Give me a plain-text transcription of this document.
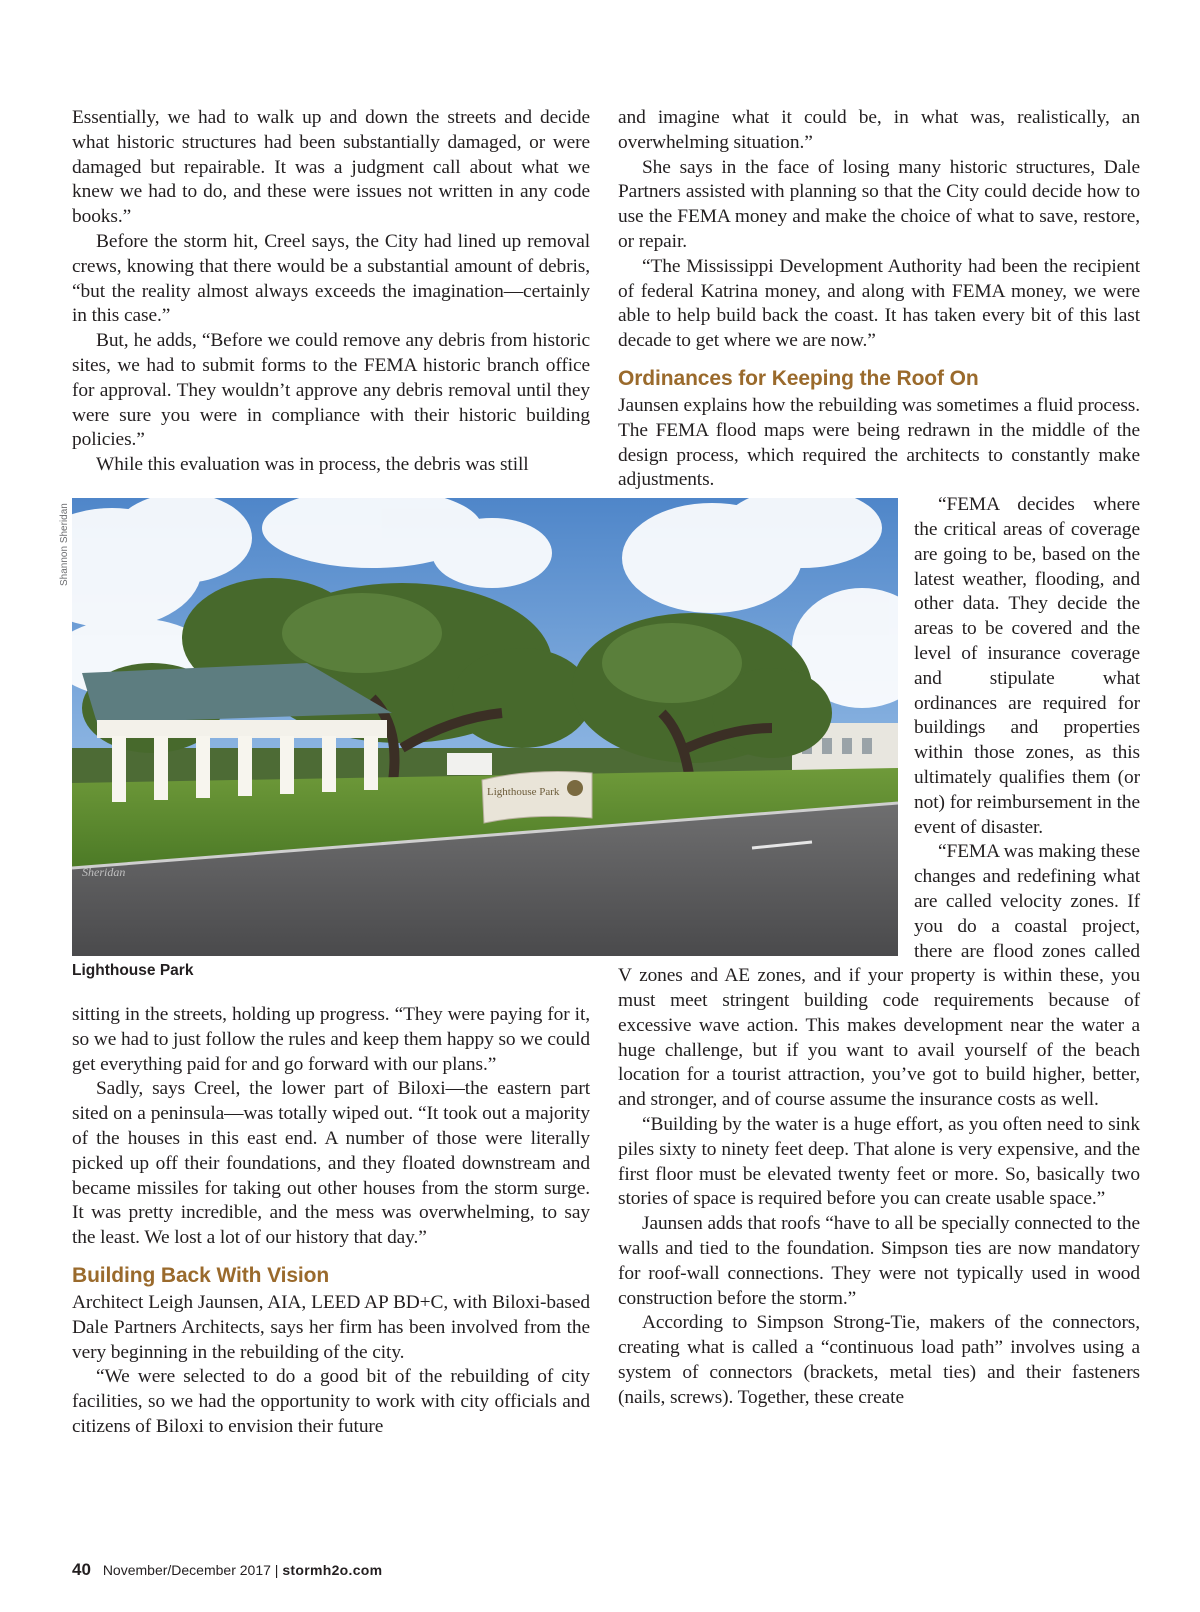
Essentially, we had to walk up and down the streets and decide what historic structures had been substantially damaged, or were damaged but repairable. It was a judgment call about what we knew we had to do, and these were issues not written in any code books.”

Before the storm hit, Creel says, the City had lined up removal crews, knowing that there would be a substantial amount of debris, “but the reality almost always exceeds the imagination—certainly in this case.”

But, he adds, “Before we could remove any debris from historic sites, we had to submit forms to the FEMA historic branch office for approval. They wouldn’t approve any debris removal until they were sure you were in compliance with their historic building policies.”

While this evaluation was in process, the debris was still

Shannon Sheridan
Lighthouse Park
Sheridan
Lighthouse Park

sitting in the streets, holding up progress. “They were paying for it, so we had to just follow the rules and keep them happy so we could get everything paid for and go forward with our plans.”

Sadly, says Creel, the lower part of Biloxi—the eastern part sited on a peninsula—was totally wiped out. “It took out a majority of the houses in this east end. A number of those were literally picked up off their foundations, and they floated downstream and became missiles for taking out other houses from the storm surge. It was pretty incredible, and the mess was overwhelming, to say the least. We lost a lot of our history that day.”

Building Back With Vision

Architect Leigh Jaunsen, AIA, LEED AP BD+C, with Biloxi-based Dale Partners Architects, says her firm has been involved from the very beginning in the rebuilding of the city.

“We were selected to do a good bit of the rebuilding of city facilities, so we had the opportunity to work with city officials and citizens of Biloxi to envision their future

and imagine what it could be, in what was, realistically, an overwhelming situation.”

She says in the face of losing many historic structures, Dale Partners assisted with planning so that the City could decide how to use the FEMA money and make the choice of what to save, restore, or repair.

“The Mississippi Development Authority had been the recipient of federal Katrina money, and along with FEMA money, we were able to help build back the coast. It has taken every bit of this last decade to get where we are now.”

Ordinances for Keeping the Roof On

Jaunsen explains how the rebuilding was sometimes a fluid process. The FEMA flood maps were being redrawn in the middle of the design process, which required the architects to constantly make adjustments.

“FEMA decides where the critical areas of coverage are going to be, based on the latest weather, flooding, and other data. They decide the areas to be covered and the level of insurance coverage and stipulate what ordinances are required for buildings and properties within those zones, as this ultimately qualifies them (or not) for reimbursement in the event of disaster.

“FEMA was making these changes and redefining what are called velocity zones. If you do a coastal project, there are flood zones called V zones and AE zones, and if your property is within these, you must meet stringent building code requirements because of excessive wave action. This makes development near the water a huge challenge, but if you want to avail yourself of the beach location for a tourist attraction, you’ve got to build higher, better, and stronger, and of course assume the insurance costs as well.

“Building by the water is a huge effort, as you often need to sink piles sixty to ninety feet deep. That alone is very expensive, and the first floor must be elevated twenty feet or more. So, basically two stories of space is required before you can create usable space.”

Jaunsen adds that roofs “have to all be specially connected to the walls and tied to the foundation. Simpson ties are now mandatory for roof-wall connections. They were not typically used in wood construction before the storm.”

According to Simpson Strong-Tie, makers of the connectors, creating what is called a “continuous load path” involves using a system of connectors (brackets, metal ties) and their fasteners (nails, screws). Together, these create

40 November/December 2017 | stormh2o.com
